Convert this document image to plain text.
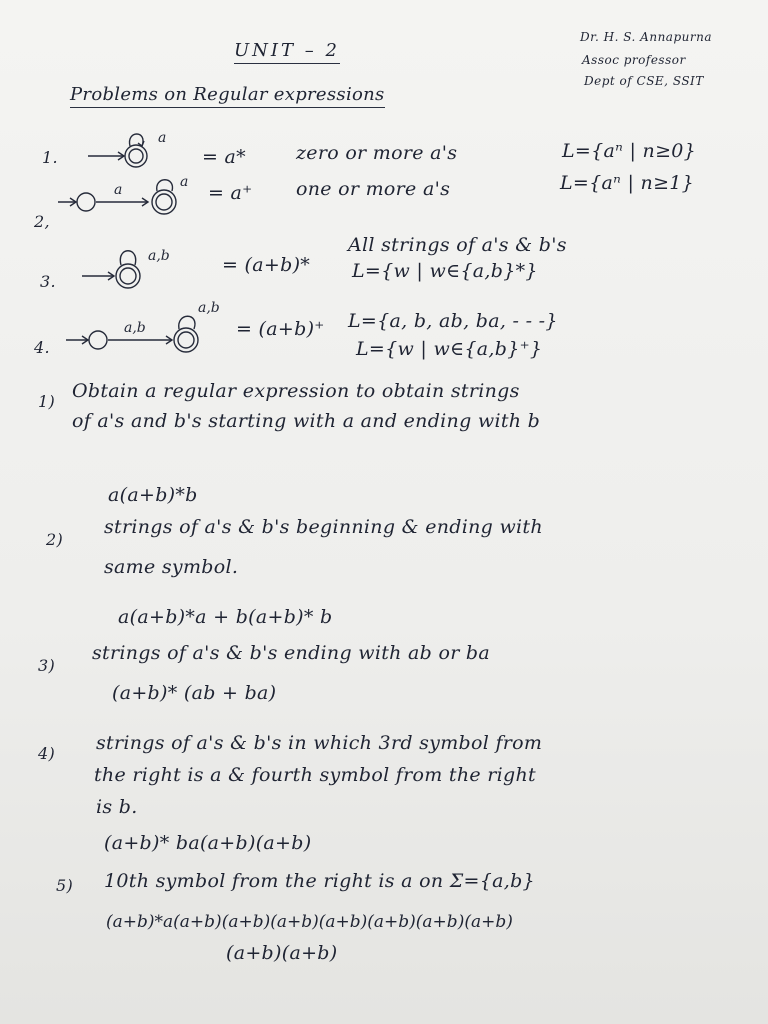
UNIT – 2
Dr. H. S. Annapurna
Assoc professor
Dept of CSE, SSIT
Problems on Regular expressions
1.
a
= a*	zero or more a's	L={aⁿ | n≥0}
2,
a	a = a⁺ one or more a's	L={aⁿ | n≥1}
3.
a,b	= (a+b)*
All strings of a's & b's
L={w | w∈{a,b}*}
4.
a,b
a,b
= (a+b)⁺ L={a, b, ab, ba, - - -}
L={w | w∈{a,b}⁺}
1) Obtain a regular expression to obtain strings
of a's and b's starting with a and ending with b
a(a+b)*b
2)
strings of a's & b's beginning & ending with
same symbol.
a(a+b)*a + b(a+b)* b
3)
strings of a's & b's ending with ab or ba
(a+b)* (ab + ba)
4) strings of a's & b's in which 3rd symbol from
the right is a & fourth symbol from the right
is b.
(a+b)* ba(a+b)(a+b)
5) 10th symbol from the right is a on Σ={a,b}
(a+b)*a(a+b)(a+b)(a+b)(a+b)(a+b)(a+b)(a+b)
(a+b)(a+b)
